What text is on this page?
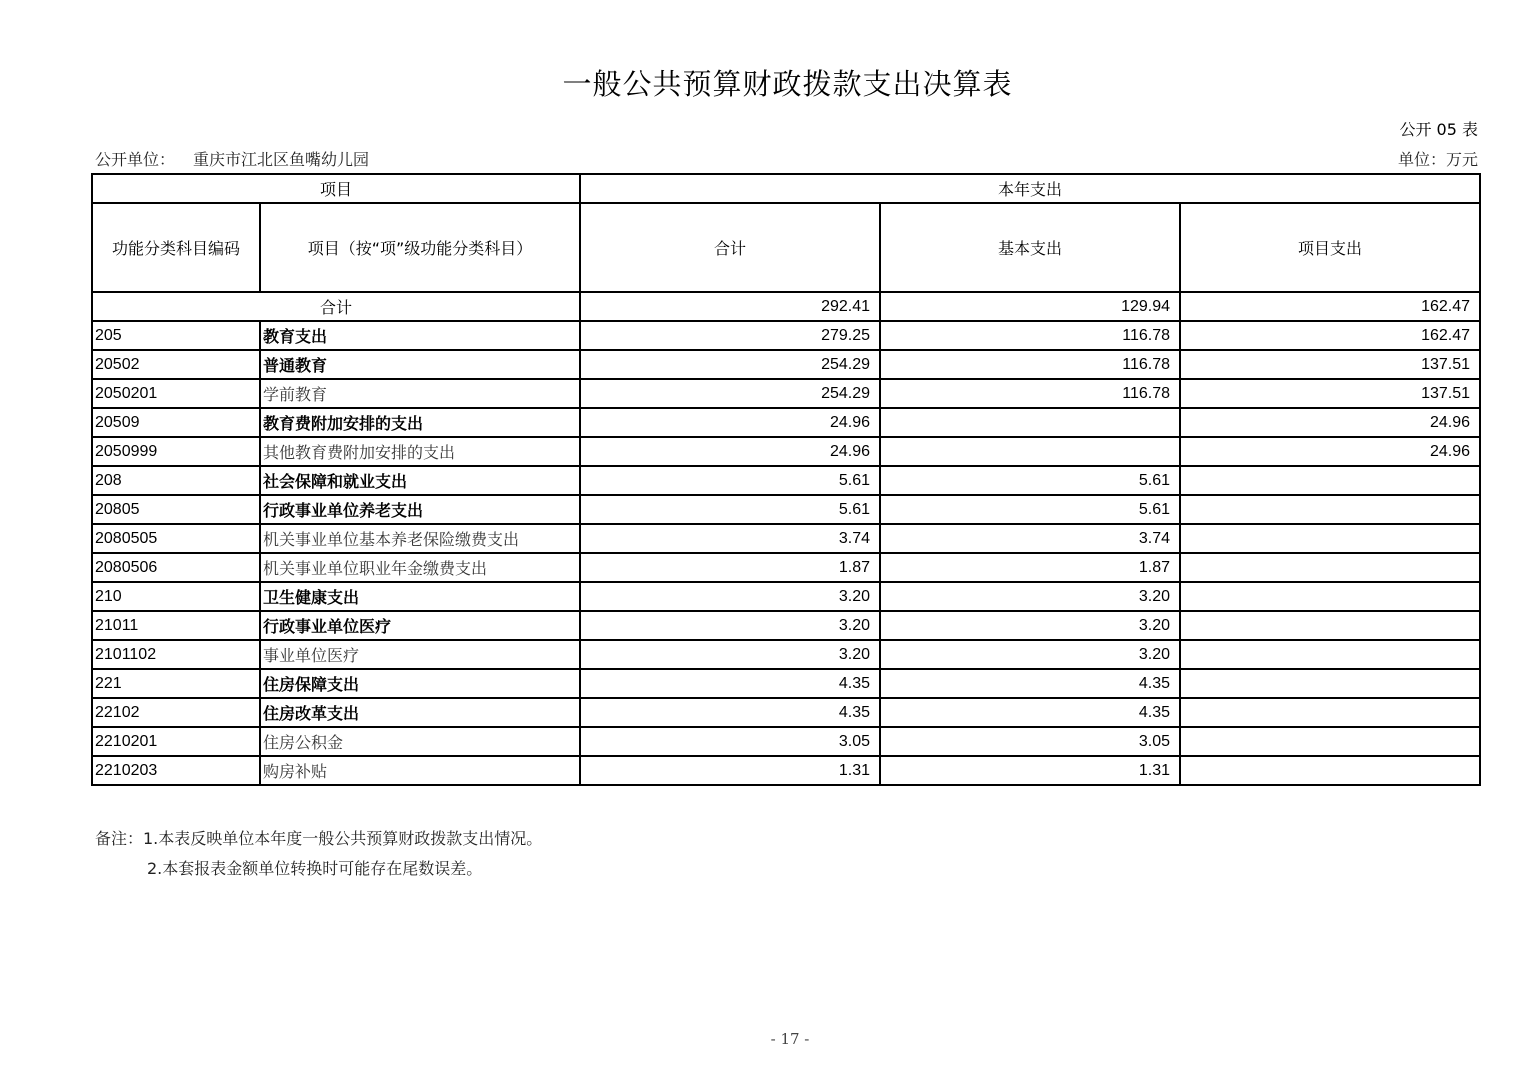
一般公共预算财政拨款支出决算表
公开 05 表
公开单位： 重庆市江北区鱼嘴幼儿园	单位：万元
项目		本年支出		
功能分类科目编码	项目（按“项”级功能分类科目）	合计	基本支出	项目支出
合计		292.41	129.94	162.47
205	教育支出	279.25	116.78	162.47
20502	普通教育	254.29	116.78	137.51
2050201	学前教育	254.29	116.78	137.51
20509	教育费附加安排的支出	24.96		24.96
2050999	其他教育费附加安排的支出	24.96		24.96
208	社会保障和就业支出	5.61	5.61	
20805	行政事业单位养老支出	5.61	5.61	
2080505	机关事业单位基本养老保险缴费支出	3.74	3.74	
2080506	机关事业单位职业年金缴费支出	1.87	1.87	
210	卫生健康支出	3.20	3.20	
21011	行政事业单位医疗	3.20	3.20	
2101102	事业单位医疗	3.20	3.20	
221	住房保障支出	4.35	4.35	
22102	住房改革支出	4.35	4.35	
2210201	住房公积金	3.05	3.05	
2210203	购房补贴	1.31	1.31	
备注：1.本表反映单位本年度一般公共预算财政拨款支出情况。
2.本套报表金额单位转换时可能存在尾数误差。
- 17 -
